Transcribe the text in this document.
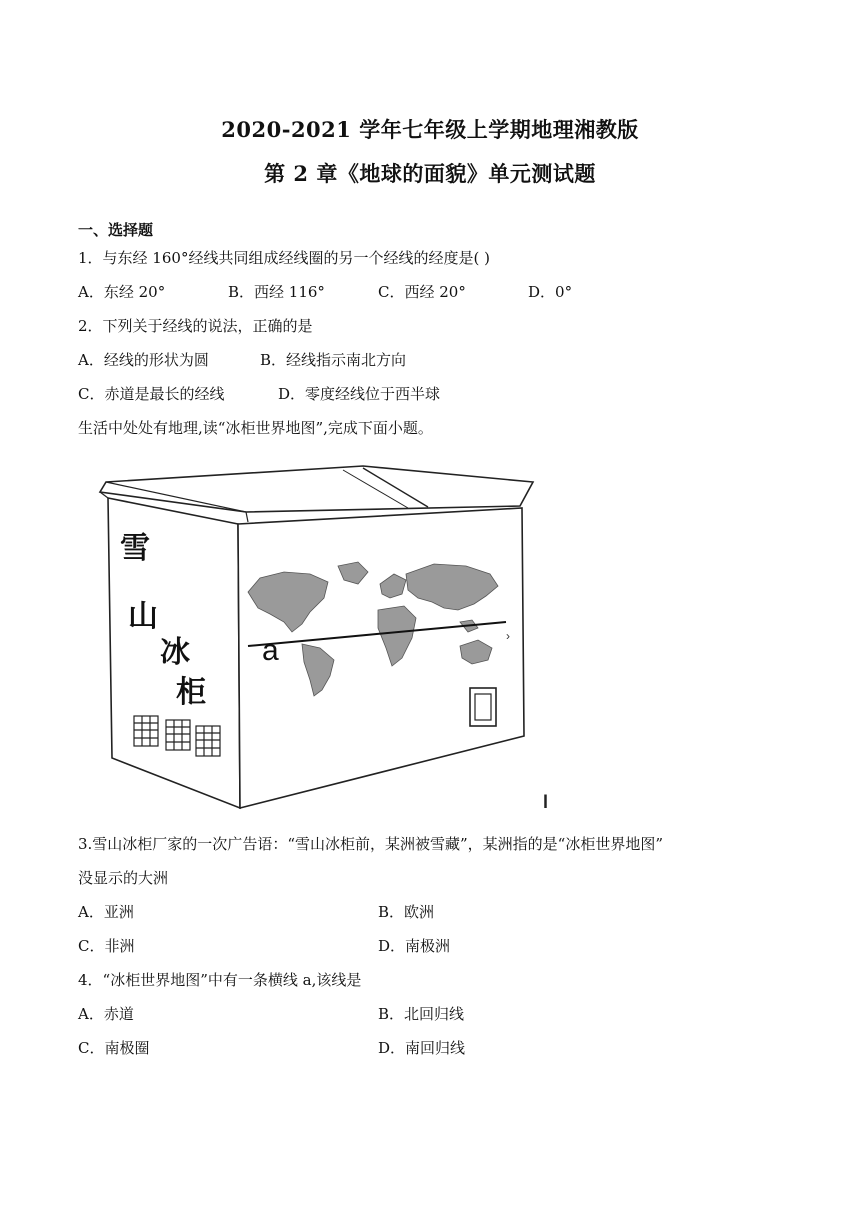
2020-2021 学年七年级上学期地理湘教版
第 2 章《地球的面貌》单元测试题
一、选择题
1．与东经 160°经线共同组成经线圈的另一个经线的经度是( )
A．东经 20°	B．西经 116°	C．西经 20°	D．0°
2．下列关于经线的说法，正确的是
A．经线的形状为圆	B．经线指示南北方向
C．赤道是最长的经线	D．零度经线位于西半球
生活中处处有地理,读“冰柜世界地图”,完成下面小题。
雪
山
冰
柜
a	›
l
3.雪山冰柜厂家的一次广告语：“雪山冰柜前，某洲被雪藏”，某洲指的是“冰柜世界地图”
没显示的大洲
A．亚洲	B．欧洲
C．非洲	D．南极洲
4．“冰柜世界地图”中有一条横线 a,该线是
A．赤道	B．北回归线
C．南极圈	D．南回归线
